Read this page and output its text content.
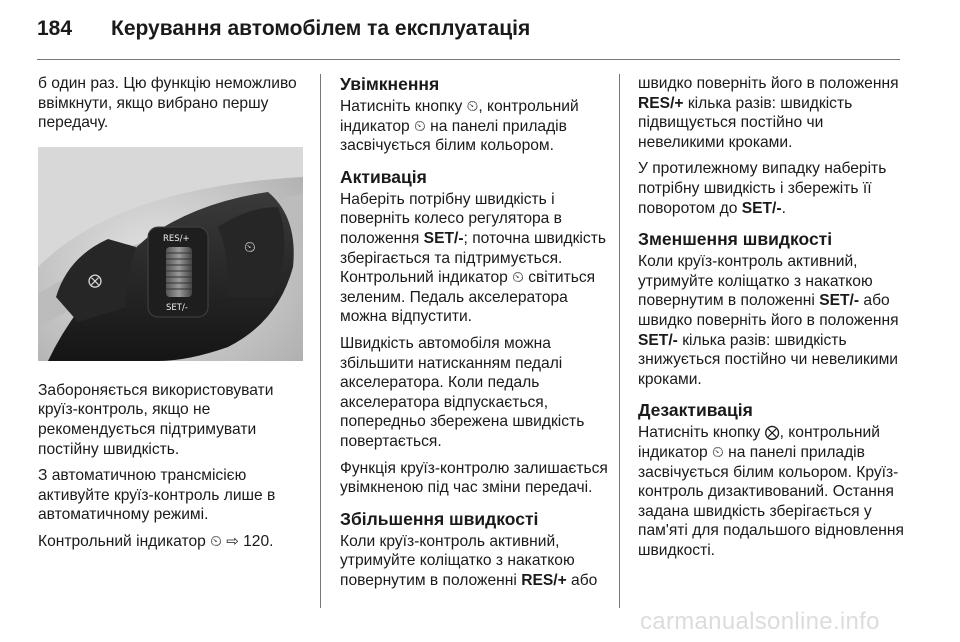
184	Керування автомобілем та експлуатація

б один раз. Цю функцію неможливо ввімкнути, якщо вибрано першу передачу.

⨂
RES/+
SET/-
⏲

Забороняється використовувати круїз-контроль, якщо не рекомендується підтримувати постійну швидкість.

З автоматичною трансмісією активуйте круїз-контроль лише в автоматичному режимі.

Контрольний індикатор ⏲ ⇨ 120.

Увімкнення

Натисніть кнопку ⏲, контрольний індикатор ⏲ на панелі приладів засвічується білим кольором.

Активація

Наберіть потрібну швидкість і поверніть колесо регулятора в положення SET/-; поточна швидкість зберігається та підтримується. Контрольний індикатор ⏲ світиться зеленим. Педаль акселератора можна відпустити.

Швидкість автомобіля можна збільшити натисканням педалі акселератора. Коли педаль акселератора відпускається, попередньо збережена швидкість повертається.

Функція круїз-контролю залишається увімкненою під час зміни передачі.

Збільшення швидкості

Коли круїз-контроль активний, утримуйте коліщатко з накаткою повернутим в положенні RES/+ або

швидко поверніть його в положення RES/+ кілька разів: швидкість підвищується постійно чи невеликими кроками.

У протилежному випадку наберіть потрібну швидкість і збережіть її поворотом до SET/-.

Зменшення швидкості

Коли круїз-контроль активний, утримуйте коліщатко з накаткою повернутим в положенні SET/- або швидко поверніть його в положення SET/- кілька разів: швидкість знижується постійно чи невеликими кроками.

Дезактивація

Натисніть кнопку ⨂, контрольний індикатор ⏲ на панелі приладів засвічується білим кольором. Круїз-контроль дизактивований. Остання задана швидкість зберігається у пам'яті для подальшого відновлення швидкості.

carmanualsonline.info
